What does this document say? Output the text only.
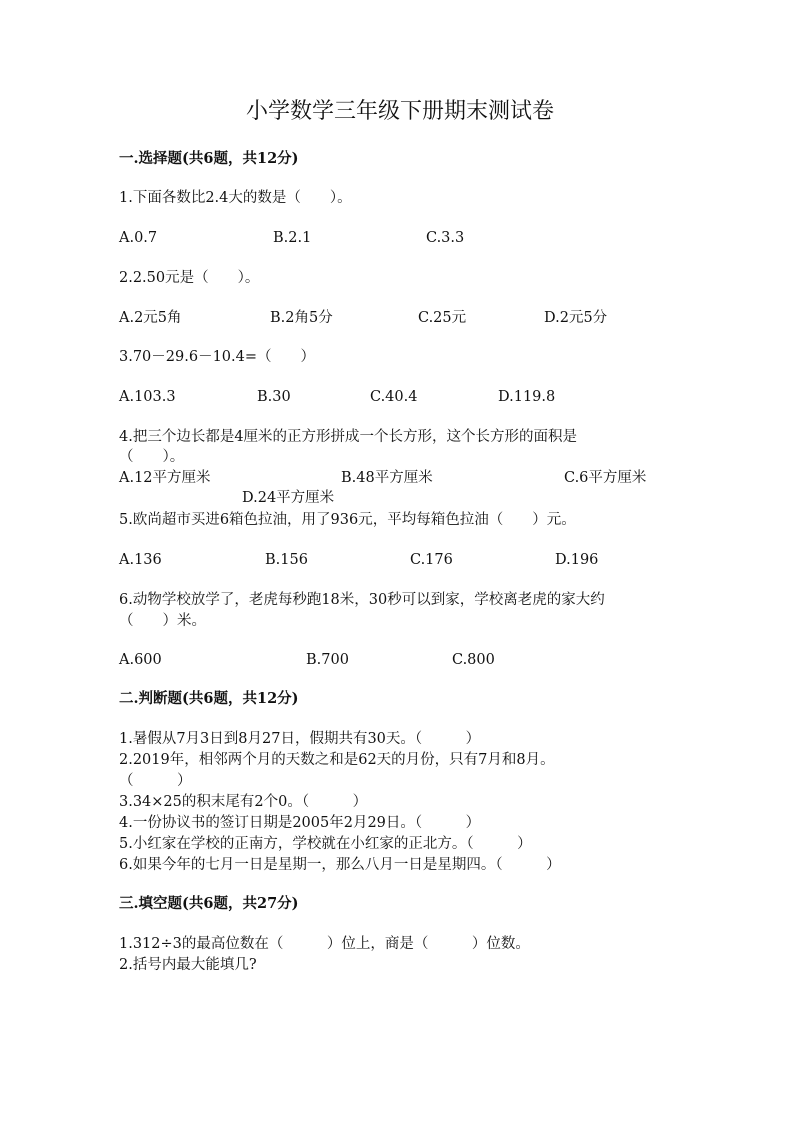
小学数学三年级下册期末测试卷
一.选择题(共6题，共12分)
1.下面各数比2.4大的数是（　　）。
A.0.7	B.2.1	C.3.3
2.2.50元是（　　）。
A.2元5角	B.2角5分	C.25元	D.2元5分
3.70－29.6－10.4=（　　）
A.103.3	B.30	C.40.4	D.119.8
4.把三个边长都是4厘米的正方形拼成一个长方形，这个长方形的面积是
（　　）。
A.12平方厘米	B.48平方厘米	C.6平方厘米
D.24平方厘米
5.欧尚超市买进6箱色拉油，用了936元，平均每箱色拉油（　　）元。
A.136	B.156	C.176	D.196
6.动物学校放学了，老虎每秒跑18米，30秒可以到家，学校离老虎的家大约
（　　）米。
A.600	B.700	C.800
二.判断题(共6题，共12分)
1.暑假从7月3日到8月27日，假期共有30天。（　　　）
2.2019年，相邻两个月的天数之和是62天的月份，只有7月和8月。
（　　　）
3.34×25的积末尾有2个0。（　　　）
4.一份协议书的签订日期是2005年2月29日。（　　　）
5.小红家在学校的正南方，学校就在小红家的正北方。（　　　）
6.如果今年的七月一日是星期一，那么八月一日是星期四。（　　　）
三.填空题(共6题，共27分)
1.312÷3的最高位数在（　　　）位上，商是（　　　）位数。
2.括号内最大能填几?
